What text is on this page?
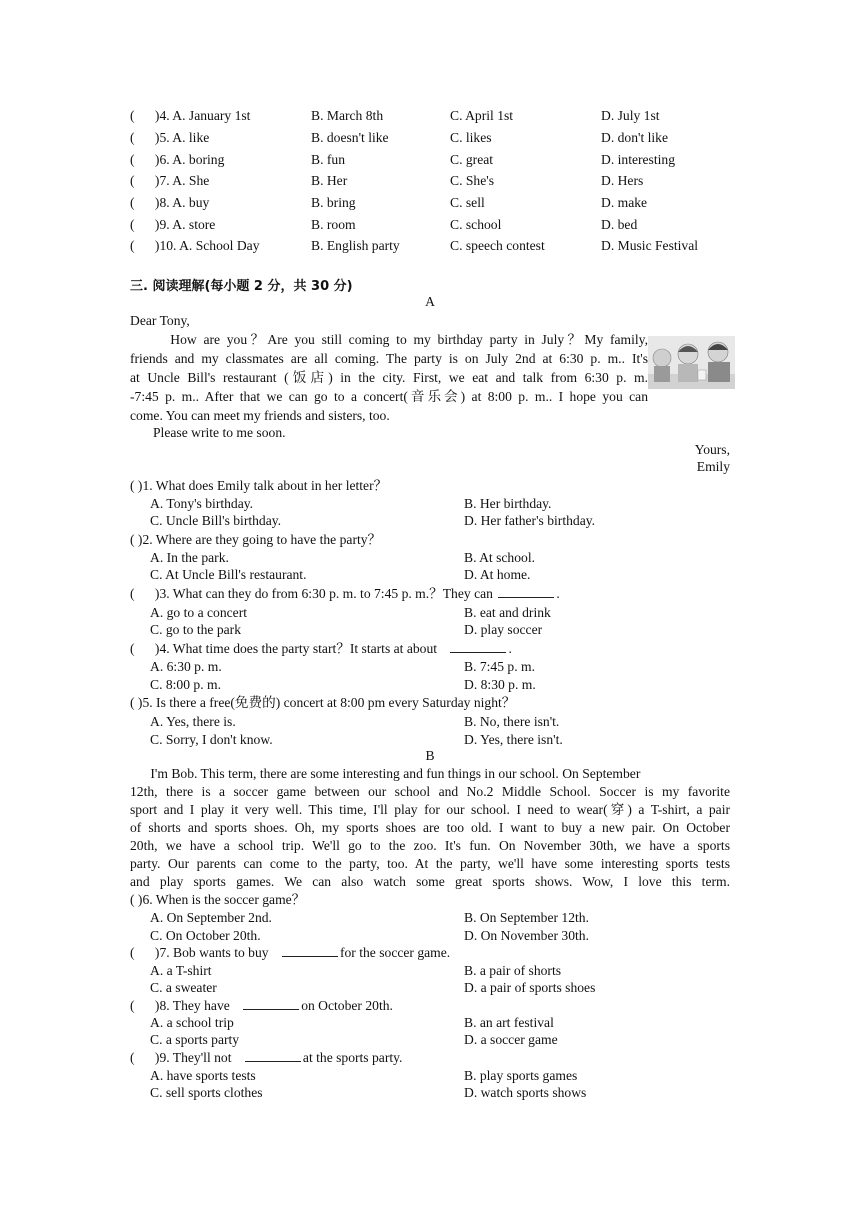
(      )4. A. January 1st	B. March 8th	C. April 1st	D. July 1st
(      )5. A. like	B. doesn't like	C. likes	D. don't like
(      )6. A. boring	B. fun	C. great	D. interesting
(      )7. A. She	B. Her	C. She's	D. Hers
(      )8. A. buy	B. bring	C. sell	D. make
(      )9. A. store	B. room	C. school	D. bed
(      )10. A. School Day	B. English party	C. speech contest	D. Music Festival
三. 阅读理解(每小题 2 分，共 30 分)
A
Dear Tony,
How are you？Are you still coming to my birthday party in July？My family,
friends and my classmates are all coming. The party is on July 2nd at 6:30 p. m.. It's
at Uncle Bill's restaurant (饭店) in the city. First, we eat and talk from 6:30 p. m.
-7:45 p. m.. After that we can go to a concert(音乐会) at 8:00 p. m.. I hope you can
come. You can meet my friends and sisters, too.
Please write to me soon.
Yours,
Emily
( )1. What does Emily talk about in her letter？
A. Tony's birthday.	B. Her birthday.
C. Uncle Bill's birthday.	D. Her father's birthday.
( )2. Where are they going to have the party？
A. In the park.	B. At school.
C. At Uncle Bill's restaurant.	D. At home.
(      )3. What can they do from 6:30 p. m. to 7:45 p. m.？They can	.
A. go to a concert	B. eat and drink
C. go to the park	D. play soccer
(      )4. What time does the party start？It starts at about	.
A. 6:30 p. m.	B. 7:45 p. m.
C. 8:00 p. m.	D. 8:30 p. m.
( )5. Is there a free(免费的) concert at 8:00 pm every Saturday night？
A. Yes, there is.	B. No, there isn't.
C. Sorry, I don't know.	D. Yes, there isn't.
B
I'm Bob. This term, there are some interesting and fun things in our school. On September
12th, there is a soccer game between our school and No.2 Middle School. Soccer is my favorite
sport and I play it very well. This time, I'll play for our school. I need to wear(穿) a T-shirt, a pair
of shorts and sports shoes. Oh, my sports shoes are too old. I want to buy a new pair. On October
20th, we have a school trip. We'll go to the zoo. It's fun. On November 30th, we have a sports
party. Our parents can come to the party, too. At the party, we'll have some interesting sports tests
and play sports games. We can also watch some great sports shows. Wow, I love this term.
( )6. When is the soccer game？
A. On September 2nd.	B. On September 12th.
C. On October 20th.	D. On November 30th.
(      )7. Bob wants to buy	for the soccer game.
A. a T-shirt	B. a pair of shorts
C. a sweater	D. a pair of sports shoes
(      )8. They have	on October 20th.
A. a school trip	B. an art festival
C. a sports party	D. a soccer game
(      )9. They'll not	at the sports party.
A. have sports tests	B. play sports games
C. sell sports clothes	D. watch sports shows
